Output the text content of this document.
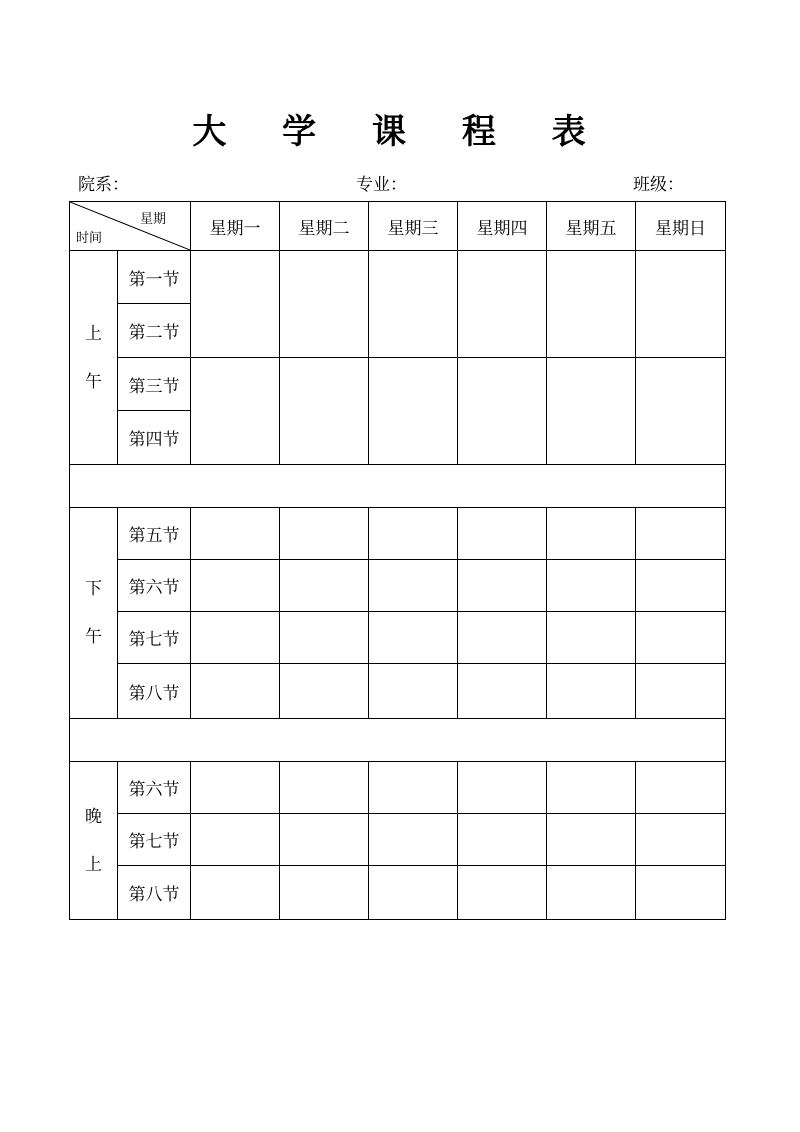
大 学 课 程 表
院系：	专业：	班级：
星期
时间		星期一	星期二	星期三	星期四	星期五	星期日

上
午	第一节						
	第二节						
	第三节						
	第四节						

下
午	第五节						
	第六节						
	第七节						
	第八节						

晚
上	第六节						
	第七节						
	第八节						
